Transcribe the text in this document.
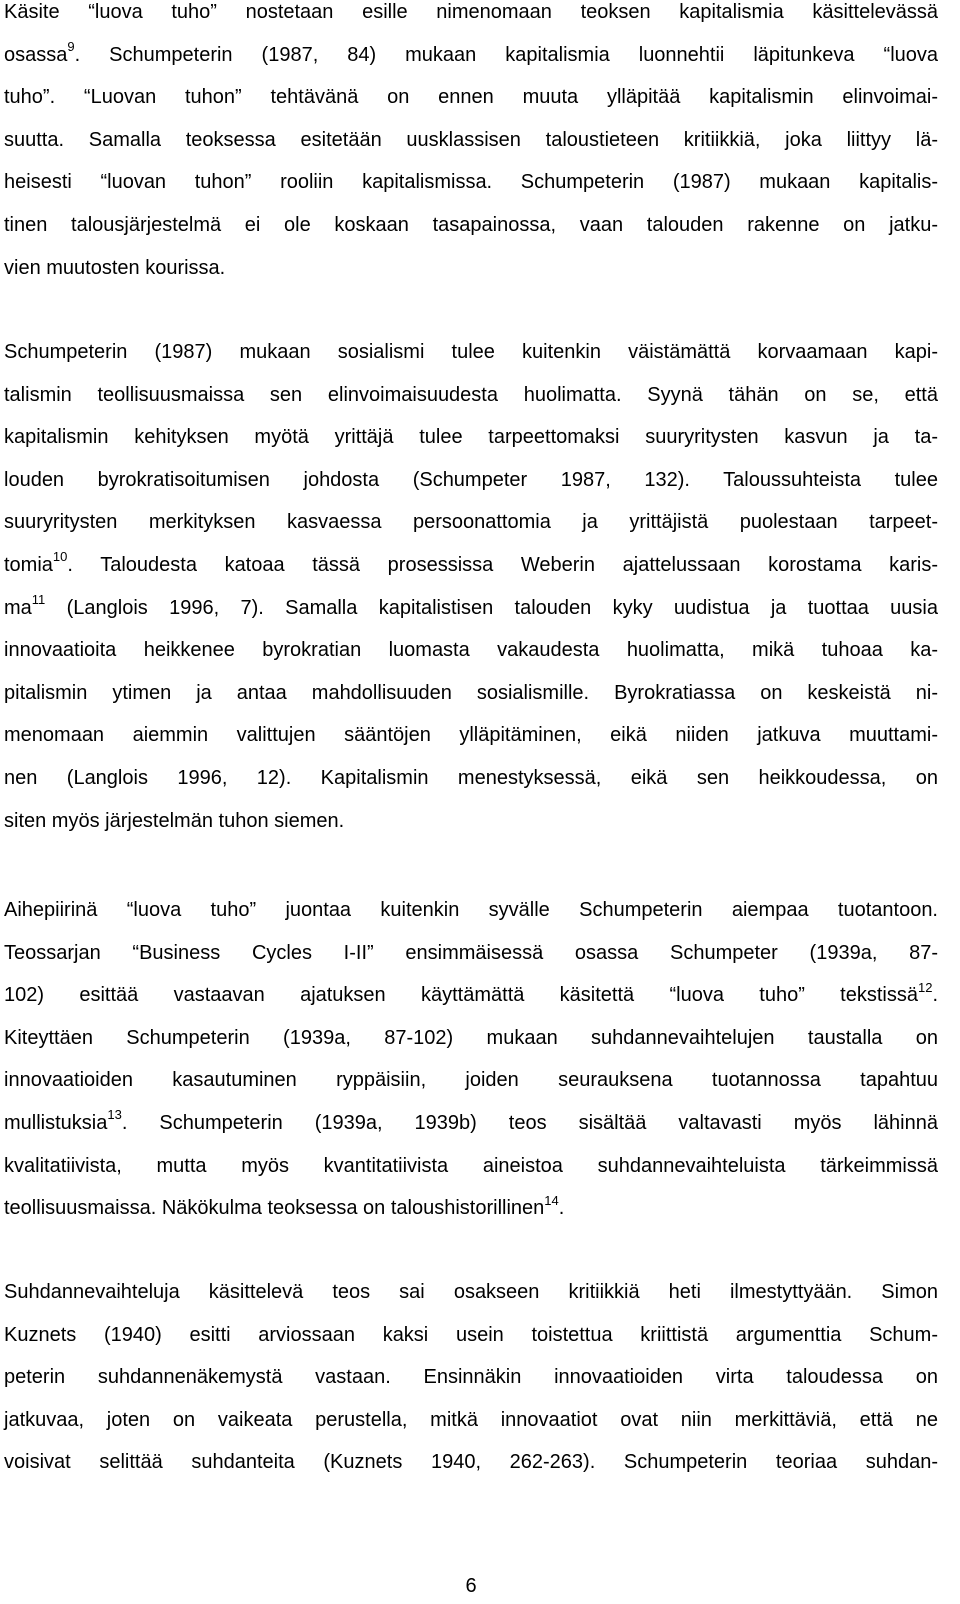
Käsite “luova tuho” nostetaan esille nimenomaan teoksen kapitalismia käsittelevässä
osassa$^9$. Schumpeterin (1987, 84) mukaan kapitalismia luonnehtii läpitunkeva “luova
tuho”. “Luovan tuhon” tehtävänä on ennen muuta ylläpitää kapitalismin elinvoimai-
suutta. Samalla teoksessa esitetään uusklassisen taloustieteen kritiikkiä, joka liittyy lä-
heisesti “luovan tuhon” rooliin kapitalismissa. Schumpeterin (1987) mukaan kapitalis-
tinen talousjärjestelmä ei ole koskaan tasapainossa, vaan talouden rakenne on jatku-
vien muutosten kourissa.
Schumpeterin (1987) mukaan sosialismi tulee kuitenkin väistämättä korvaamaan kapi-
talismin teollisuusmaissa sen elinvoimaisuudesta huolimatta. Syynä tähän on se, että
kapitalismin kehityksen myötä yrittäjä tulee tarpeettomaksi suuryritysten kasvun ja ta-
louden byrokratisoitumisen johdosta (Schumpeter 1987, 132). Taloussuhteista tulee
suuryritysten merkityksen kasvaessa persoonattomia ja yrittäjistä puolestaan tarpeet-
tomia$^{10}$. Taloudesta katoaa tässä prosessissa Weberin ajattelussaan korostama karis-
$ma^{11}$ (Langlois 1996, 7). Samalla kapitalistisen talouden kyky uudistua ja tuottaa uusia
innovaatioita heikkenee byrokratian luomasta vakaudesta huolimatta, mikä tuhoaa ka-
pitalismin ytimen ja antaa mahdollisuuden sosialismille. Byrokratiassa on keskeistä ni-
menomaan aiemmin valittujen sääntöjen ylläpitäminen, eikä niiden jatkuva muuttami-
nen (Langlois 1996, 12). Kapitalismin menestyksessä, eikä sen heikkoudessa, on
siten myös järjestelmän tuhon siemen.
Aihepiirinä “luova tuho” juontaa kuitenkin syvälle Schumpeterin aiempaa tuotantoon.
Teossarjan “Business Cycles I-II” ensimmäisessä osassa Schumpeter (1939a, 87-
102) esittää vastaavan ajatuksen käyttämättä käsitettä “luova tuho” tekstissä$^{12}$.
Kiteyttäen Schumpeterin (1939a, 87-102) mukaan suhdannevaihtelujen taustalla on
innovaatioiden kasautuminen ryppäisiin, joiden seurauksena tuotannossa tapahtuu
mullistuksia$^{13}$. Schumpeterin (1939a, 1939b) teos sisältää valtavasti myös lähinnä
kvalitatiivista, mutta myös kvantitatiivista aineistoa suhdannevaihteluista tärkeimmissä
teollisuusmaissa. Näkökulma teoksessa on taloushistorillinen$^{14}$.
Suhdannevaihteluja käsittelevä teos sai osakseen kritiikkiä heti ilmestyttyään. Simon
Kuznets (1940) esitti arviossaan kaksi usein toistettua kriittistä argumenttia Schum-
peterin suhdannenäkemystä vastaan. Ensinnäkin innovaatioiden virta taloudessa on
jatkuvaa, joten on vaikeata perustella, mitkä innovaatiot ovat niin merkittäviä, että ne
voisivat selittää suhdanteita (Kuznets 1940, 262-263). Schumpeterin teoriaa suhdan-
6
